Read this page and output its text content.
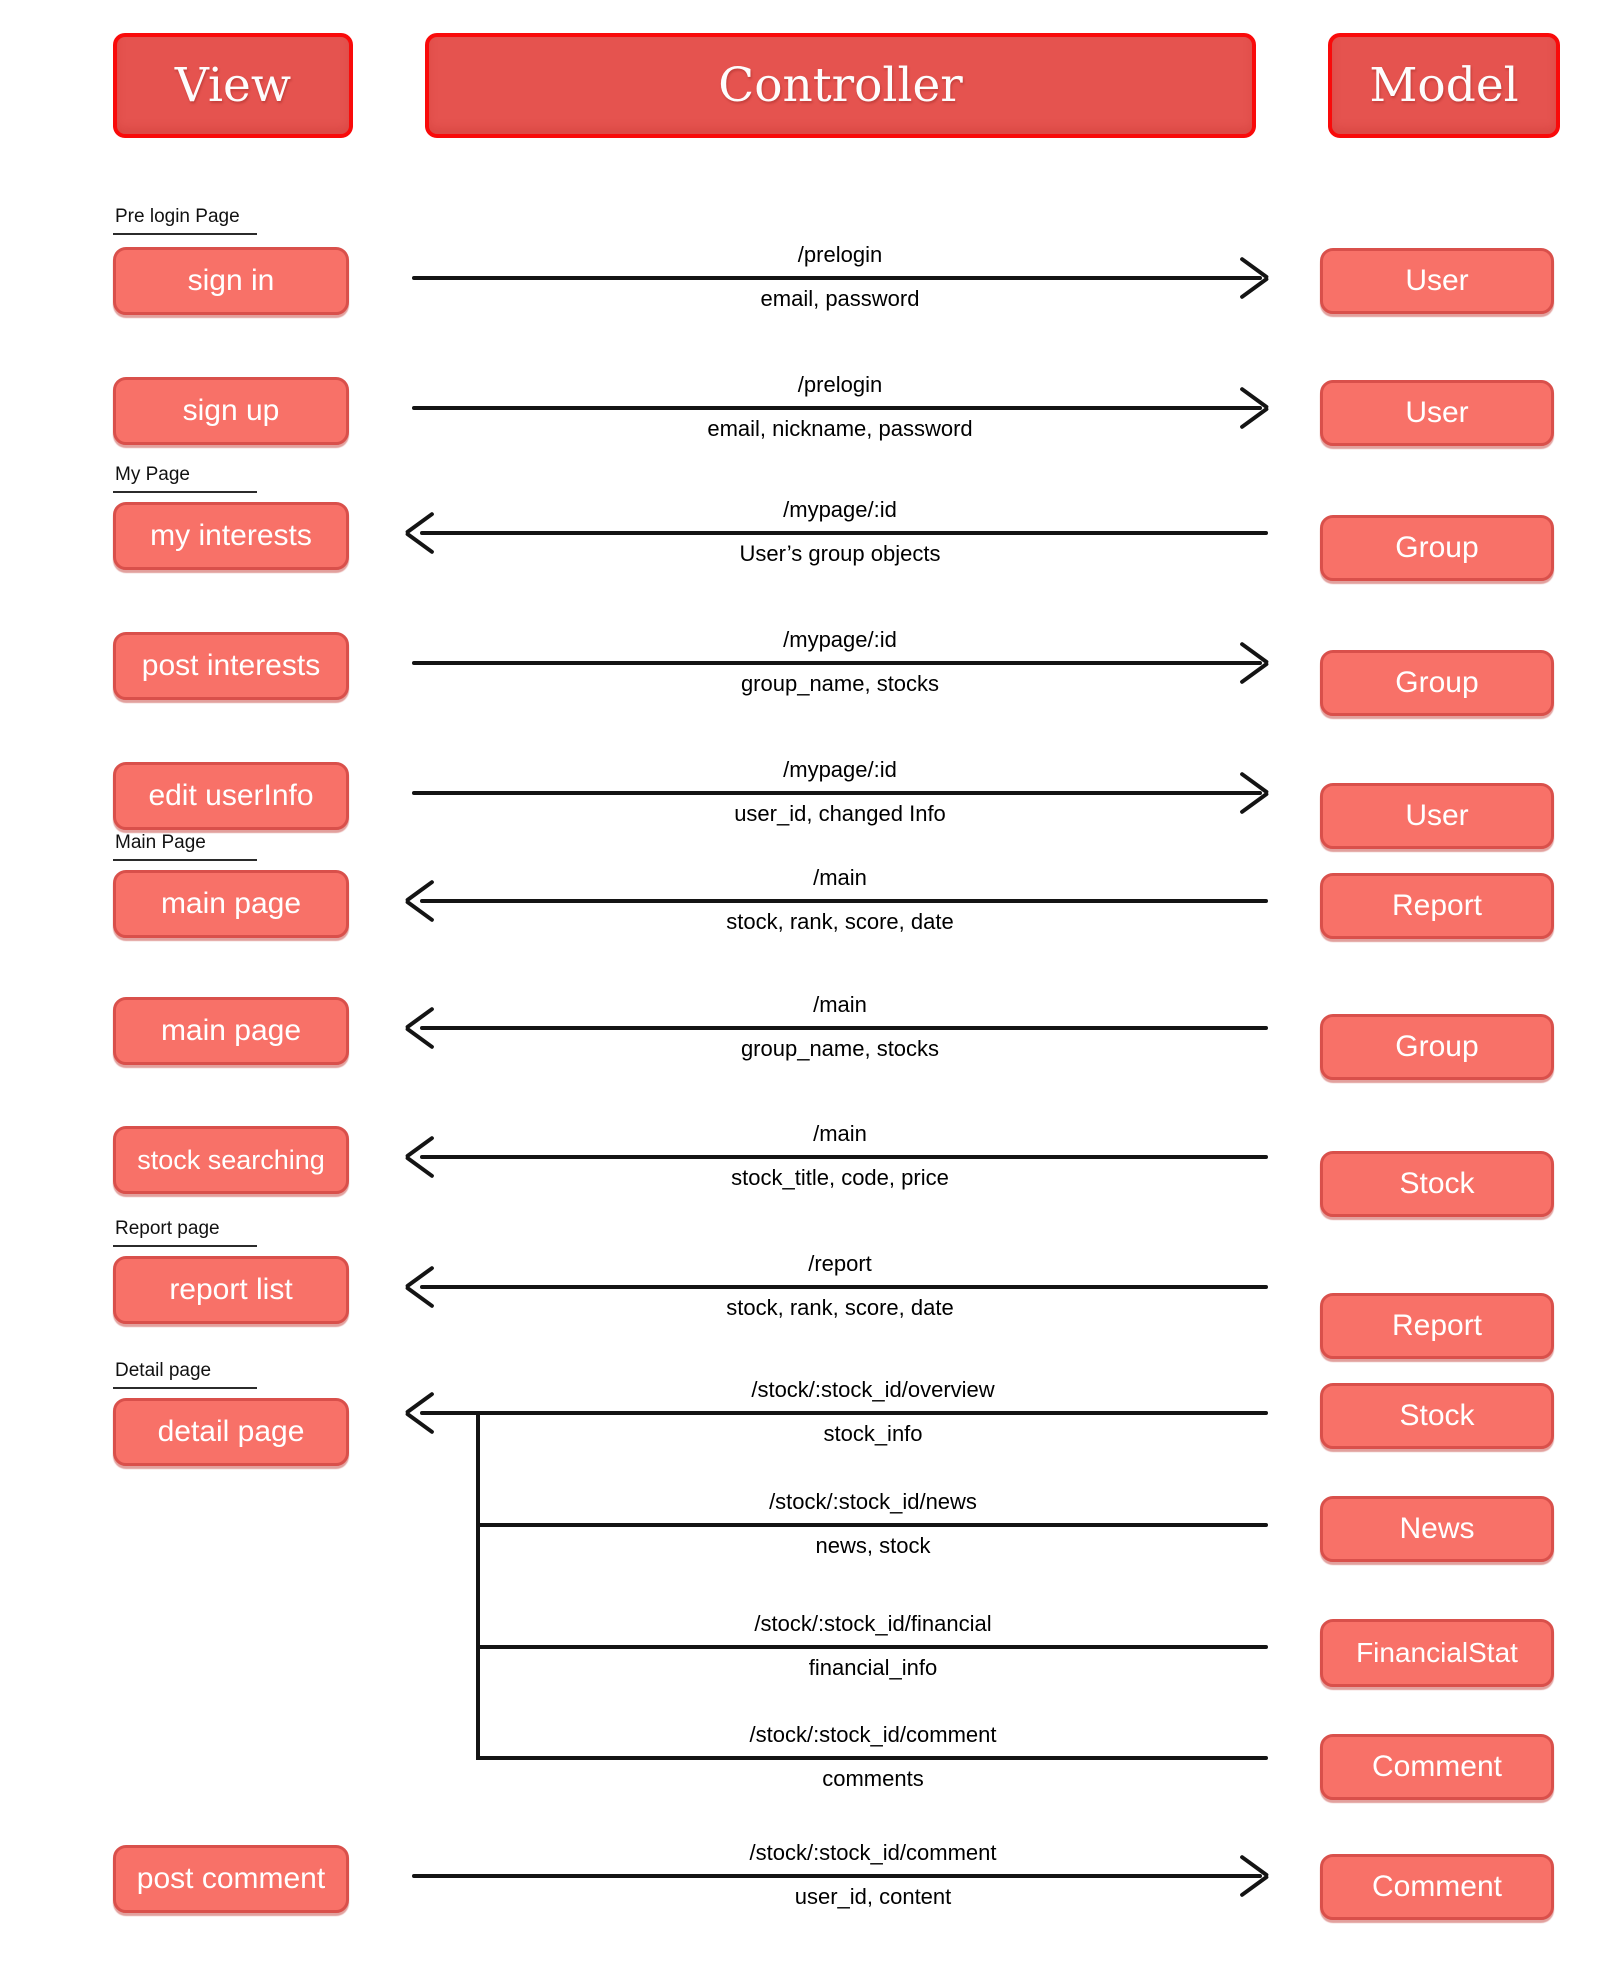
View	Controller	Model
Pre login Page
My Page
Main Page
Report page
Detail page
sign in
/prelogin
email, password
User
sign up
/prelogin
email, nickname, password	User
my interests
/mypage/:id
User’s group objects	Group
post interests
/mypage/:id
group_name, stocks	Group
edit userInfo
/mypage/:id
user_id, changed Info	User
main page
/main
stock, rank, score, date	Report
main page
/main
group_name, stocks	Group
stock searching
/main
stock_title, code, price	Stock
report list
/report
stock, rank, score, date
Report
detail page
/stock/:stock_id/overview
stock_info
Stock
/stock/:stock_id/news
news, stock
News
/stock/:stock_id/financial
financial_info	FinancialStat
/stock/:stock_id/comment
comments	Comment
post comment
/stock/:stock_id/comment
user_id, content	Comment
